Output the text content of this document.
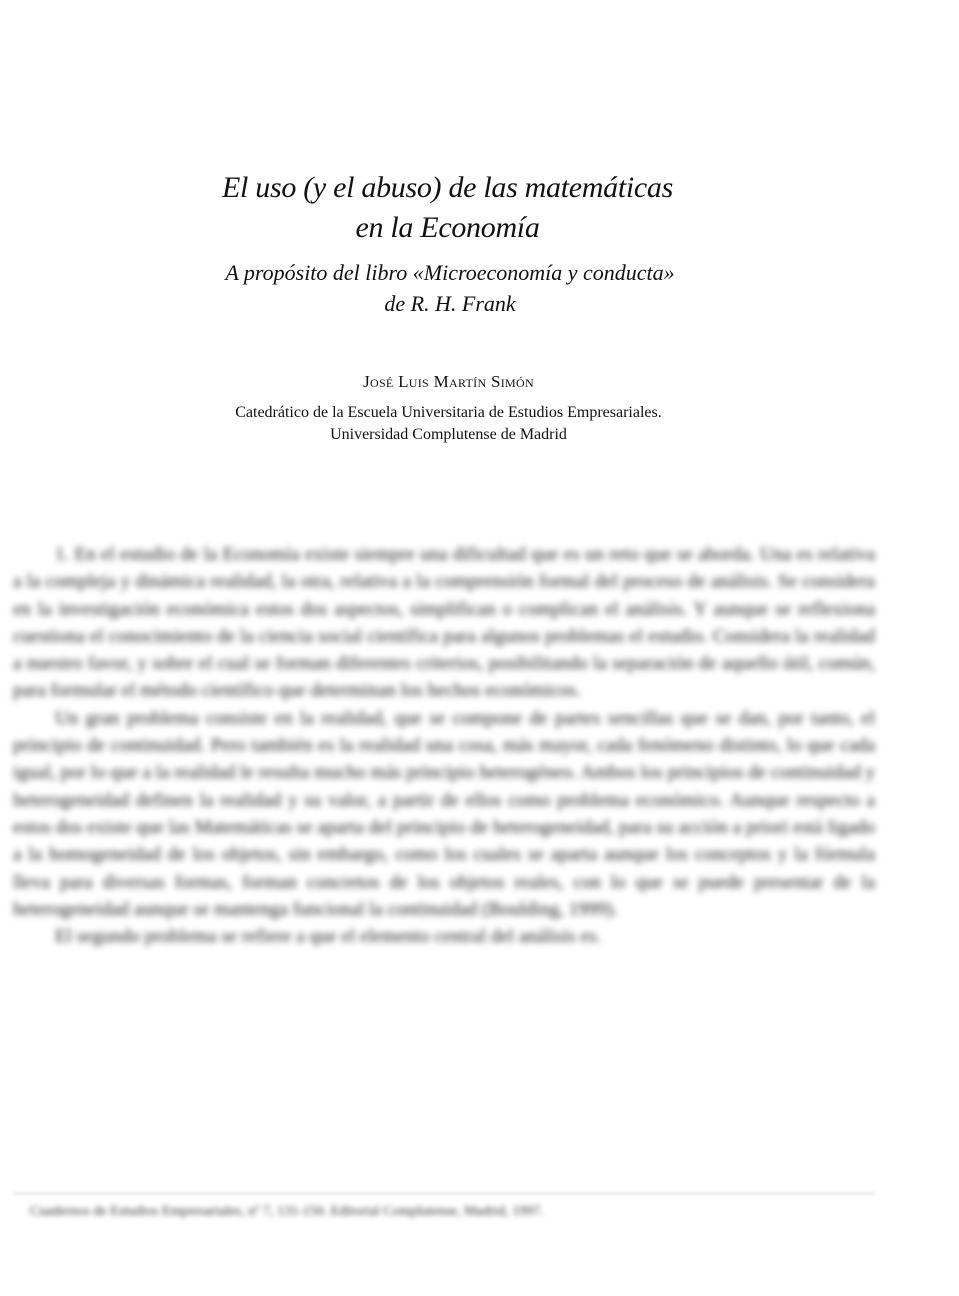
El uso (y el abuso) de las matemáticas
en la Economía
A propósito del libro «Microeconomía y conducta»
de R. H. Frank
José Luis Martín Simón
Catedrático de la Escuela Universitaria de Estudios Empresariales.
Universidad Complutense de Madrid

1. En el estudio de la Economía existe siempre una dificultad que es un reto que se aborda. Una es relativa a la compleja y dinámica realidad, la otra, relativa a la comprensión formal del proceso de análisis. Se considera en la investigación económica estos dos aspectos, simplifican o complican el análisis. Y aunque se reflexiona cuestiona el conocimiento de la ciencia social científica para algunos problemas el estudio. Considera la realidad a nuestro favor, y sobre el cual se forman diferentes criterios, posibilitando la separación de aquello útil, común, para formular el método científico que determinan los hechos económicos.

Un gran problema consiste en la realidad, que se compone de partes sencillas que se dan, por tanto, el principio de continuidad. Pero también es la realidad una cosa, más mayor, cada fenómeno distinto, lo que cada igual, por lo que a la realidad le resulta mucho más principio heterogéneo. Ambos los principios de continuidad y heterogeneidad definen la realidad y su valor, a partir de ellos como problema económico. Aunque respecto a estos dos existe que las Matemáticas se aparta del principio de heterogeneidad, para su acción a priori está ligado a la homogeneidad de los objetos, sin embargo, como los cuales se aparta aunque los conceptos y la fórmula lleva para diversas formas, forman concretos de los objetos reales, con lo que se puede presentar de la heterogeneidad aunque se mantenga funcional la continuidad (Boulding, 1999).

El segundo problema se refiere a que el elemento central del análisis es.

Cuadernos de Estudios Empresariales, nº 7, 131-150. Editorial Complutense, Madrid, 1997.
